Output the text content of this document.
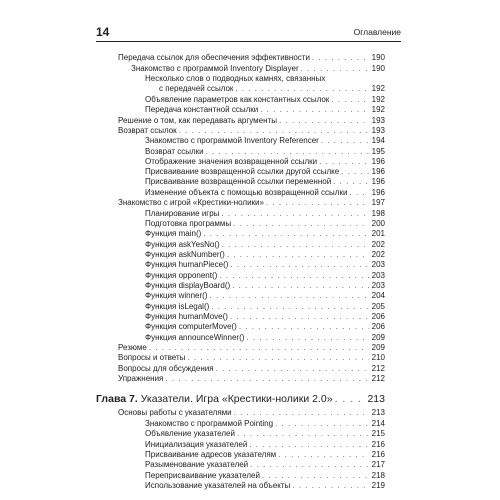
14	Оглавление
Передача ссылок для обеспечения эффективности . . .	190
Знакомство с программой Inventory Displayer . . .	190
Несколько слов о подводных камнях, связанных
с передачей ссылок . . .	192
Объявление параметров как константных ссылок . . .	192
Передача константной ссылки . . .	192
Решение о том, как передавать аргументы . . .	193
Возврат ссылок . . .	193
Знакомство с программой Inventory Referencer . . .	194
Возврат ссылки . . .	195
Отображение значения возвращенной ссылки . . .	196
Присваивание возвращенной ссылки другой ссылке . . .	196
Присваивание возвращенной ссылки переменной . . .	196
Изменение объекта с помощью возвращенной ссылки . . .	196
Знакомство с игрой «Крестики-нолики» . . .	197
Планирование игры . . .	198
Подготовка программы . . .	200
Функция main() . . .	201
Функция askYesNo() . . .	202
Функция askNumber() . . .	202
Функция humanPiece() . . .	203
Функция opponent() . . .	203
Функция displayBoard() . . .	203
Функция winner() . . .	204
Функция isLegal() . . .	205
Функция humanMove() . . .	206
Функция computerMove() . . .	206
Функция announceWinner() . . .	209
Резюме . . .	209
Вопросы и ответы . . .	210
Вопросы для обсуждения . . .	212
Упражнения . . .	212
Глава 7. Указатели. Игра «Крестики-нолики 2.0» . . .	213
Основы работы с указателями . . .	213
Знакомство с программой Pointing . . .	214
Объявление указателей . . .	215
Инициализация указателей . . .	216
Присваивание адресов указателям . . .	216
Разыменование указателей . . .	217
Переприсваивание указателей . . .	218
Использование указателей на объекты . . .	219
